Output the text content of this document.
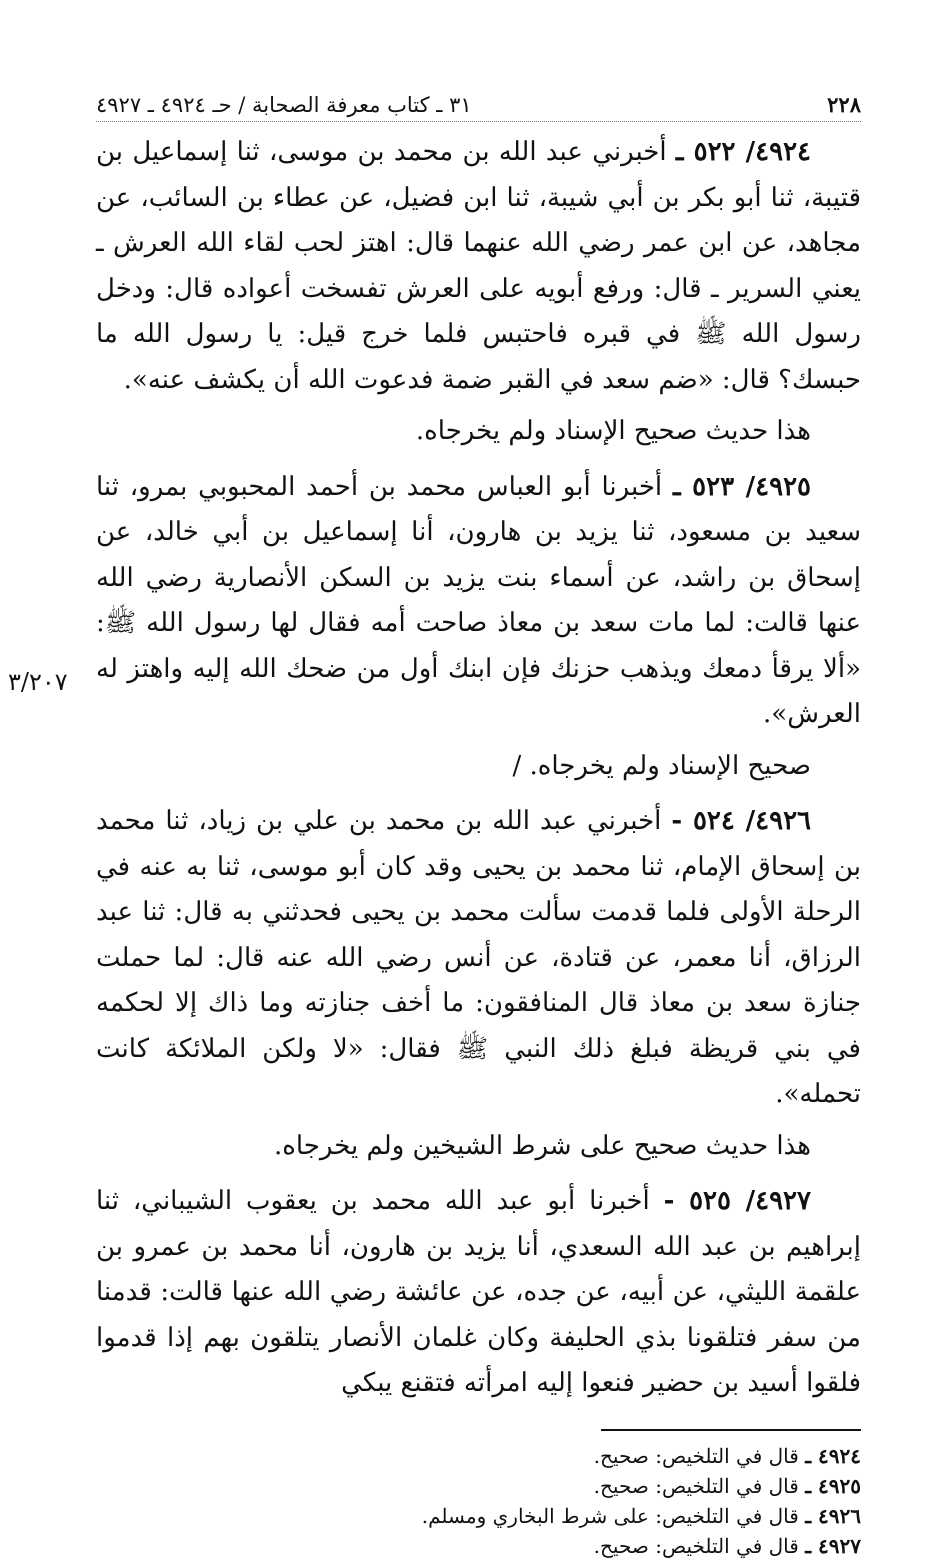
٢٢٨
٣١ ـ كتاب معرفة الصحابة / حـ ٤٩٢٤ ـ ٤٩٢٧

٤٩٢٤/ ٥٢٢ ـ أخبرني عبد الله بن محمد بن موسى، ثنا إسماعيل بن قتيبة، ثنا أبو بكر بن أبي شيبة، ثنا ابن فضيل، عن عطاء بن السائب، عن مجاهد، عن ابن عمر رضي الله عنهما قال: اهتز لحب لقاء الله العرش ـ يعني السرير ـ قال: ورفع أبويه على العرش تفسخت أعواده قال: ودخل رسول الله ﷺ في قبره فاحتبس فلما خرج قيل: يا رسول الله ما حبسك؟ قال: «ضم سعد في القبر ضمة فدعوت الله أن يكشف عنه».

هذا حديث صحيح الإسناد ولم يخرجاه.

٤٩٢٥/ ٥٢٣ ـ أخبرنا أبو العباس محمد بن أحمد المحبوبي بمرو، ثنا سعيد بن مسعود، ثنا يزيد بن هارون، أنا إسماعيل بن أبي خالد، عن إسحاق بن راشد، عن أسماء بنت يزيد بن السكن الأنصارية رضي الله عنها قالت: لما مات سعد بن معاذ صاحت أمه فقال لها رسول الله ﷺ: «ألا يرقأ دمعك ويذهب حزنك فإن ابنك أول من ضحك الله إليه واهتز له العرش».

صحيح الإسناد ولم يخرجاه. /

٤٩٢٦/ ٥٢٤ - أخبرني عبد الله بن محمد بن علي بن زياد، ثنا محمد بن إسحاق الإمام، ثنا محمد بن يحيى وقد كان أبو موسى، ثنا به عنه في الرحلة الأولى فلما قدمت سألت محمد بن يحيى فحدثني به قال: ثنا عبد الرزاق، أنا معمر، عن قتادة، عن أنس رضي الله عنه قال: لما حملت جنازة سعد بن معاذ قال المنافقون: ما أخف جنازته وما ذاك إلا لحكمه في بني قريظة فبلغ ذلك النبي ﷺ فقال: «لا ولكن الملائكة كانت تحمله».

هذا حديث صحيح على شرط الشيخين ولم يخرجاه.

٤٩٢٧/ ٥٢٥ - أخبرنا أبو عبد الله محمد بن يعقوب الشيباني، ثنا إبراهيم بن عبد الله السعدي، أنا يزيد بن هارون، أنا محمد بن عمرو بن علقمة الليثي، عن أبيه، عن جده، عن عائشة رضي الله عنها قالت: قدمنا من سفر فتلقونا بذي الحليفة وكان غلمان الأنصار يتلقون بهم إذا قدموا فلقوا أسيد بن حضير فنعوا إليه امرأته فتقنع يبكي

٣/٢٠٧

٤٩٢٤ ـ قال في التلخيص: صحيح.

٤٩٢٥ ـ قال في التلخيص: صحيح.

٤٩٢٦ ـ قال في التلخيص: على شرط البخاري ومسلم.

٤٩٢٧ ـ قال في التلخيص: صحيح.
